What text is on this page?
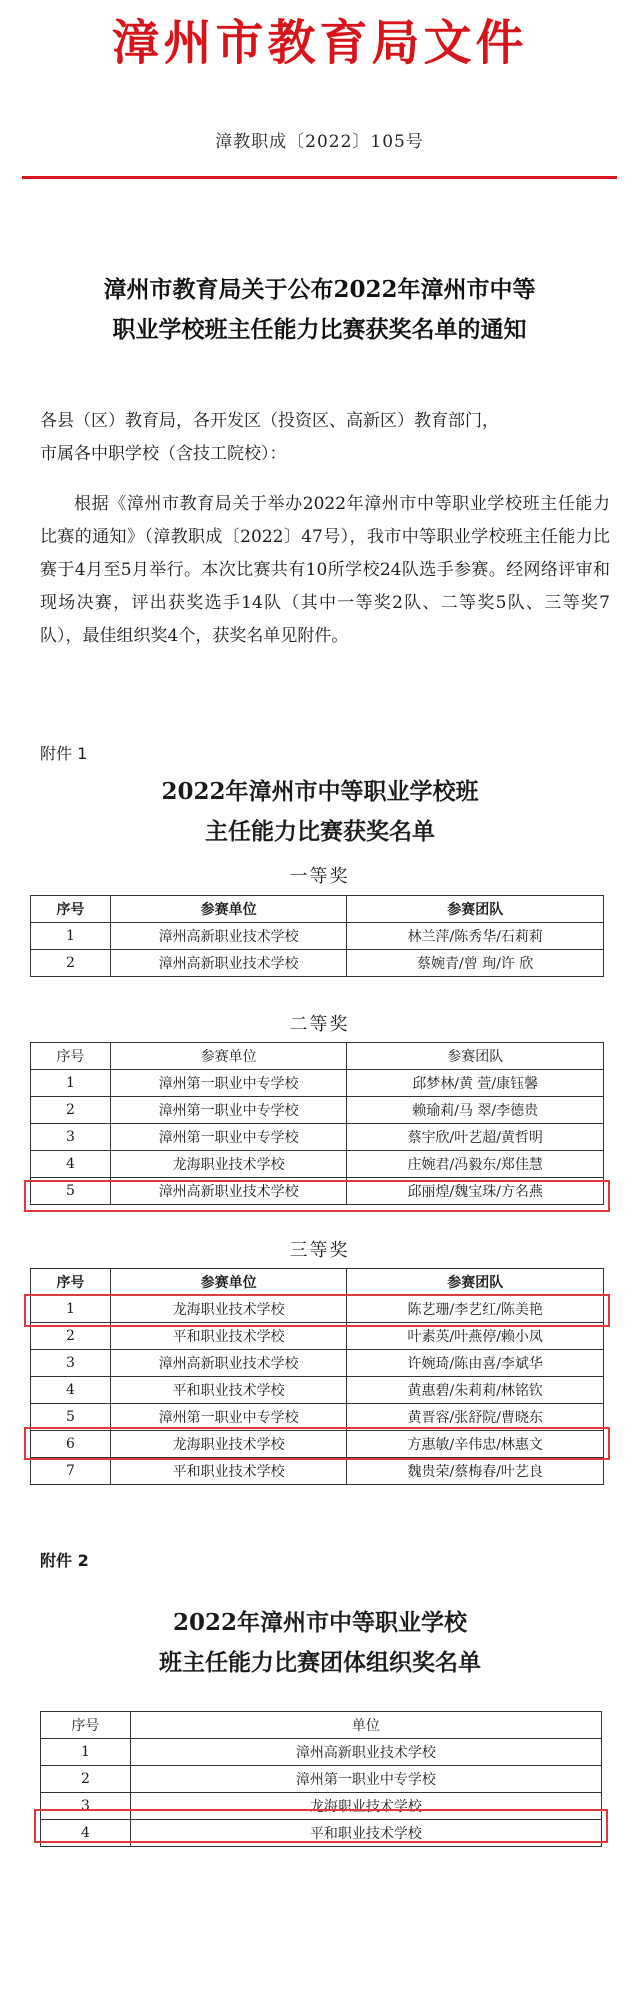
漳州市教育局文件
漳教职成〔2022〕105号
漳州市教育局关于公布2022年漳州市中等
职业学校班主任能力比赛获奖名单的通知
各县（区）教育局，各开发区（投资区、高新区）教育部门，
市属各中职学校（含技工院校）：
根据《漳州市教育局关于举办2022年漳州市中等职业学校班主任能力比赛的通知》（漳教职成〔2022〕47号），我市中等职业学校班主任能力比赛于4月至5月举行。本次比赛共有10所学校24队选手参赛。经网络评审和现场决赛，评出获奖选手14队（其中一等奖2队、二等奖5队、三等奖7队），最佳组织奖4个，获奖名单见附件。
附件 1
2022年漳州市中等职业学校班
主任能力比赛获奖名单
一等奖
序号	参赛单位	参赛团队
1	漳州高新职业技术学校	林兰萍/陈秀华/石莉莉
2	漳州高新职业技术学校	蔡婉青/曾 珣/许 欣
二等奖
序号	参赛单位	参赛团队
1	漳州第一职业中专学校	邱梦林/黄 萱/康钰馨
2	漳州第一职业中专学校	赖瑜莉/马 翠/李德贵
3	漳州第一职业中专学校	蔡宇欣/叶艺超/黄哲明
4	龙海职业技术学校	庄婉君/冯毅东/郑佳慧
5	漳州高新职业技术学校	邱丽煌/魏宝珠/方名燕
三等奖
序号	参赛单位	参赛团队
1	龙海职业技术学校	陈艺珊/李艺红/陈美艳
2	平和职业技术学校	叶素英/叶燕停/赖小凤
3	漳州高新职业技术学校	许婉琦/陈由喜/李斌华
4	平和职业技术学校	黄惠碧/朱莉莉/林铭钦
5	漳州第一职业中专学校	黄晋容/张舒院/曹晓东
6	龙海职业技术学校	方惠敏/辛伟忠/林惠文
7	平和职业技术学校	魏贵荣/蔡梅春/叶艺良
附件 2
2022年漳州市中等职业学校
班主任能力比赛团体组织奖名单
序号	单位
1	漳州高新职业技术学校
2	漳州第一职业中专学校
3	龙海职业技术学校
4	平和职业技术学校
